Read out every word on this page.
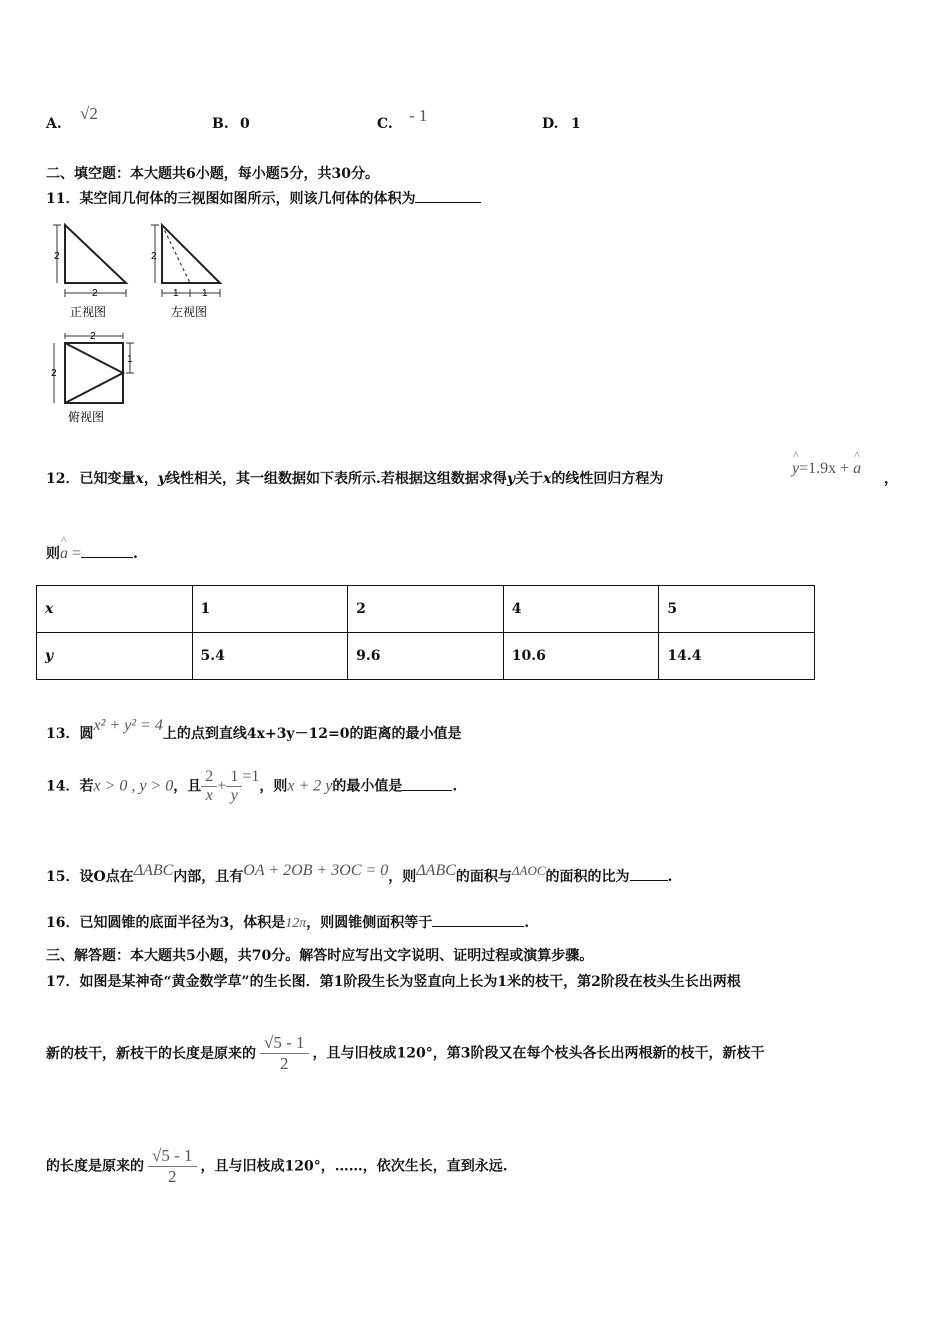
A.
√2
B. 0	C. - 1	D. 1
二、填空题：本大题共6小题，每小题5分，共30分。
11．某空间几何体的三视图如图所示，则该几何体的体积为
2
2
正视图
2
1 1
左视图
2
2
1
俯视图
12．已知变量x，y线性相关，其一组数据如下表所示.若根据这组数据求得y关于x的线性回归方程为
^ y=1.9x + ^ a
，
则^ a =	.
x	1	2	4	5
y	5.4	9.6	10.6	14.4
13．圆x² + y² = 4上的点到直线4x+3y－12=0的距离的最小值是
14．若x > 0 , y > 0，且 $\frac{2}{x} + \frac{1}{y} =1$，则x + 2 y的最小值是	.
15．设O点在ΔABC内部，且有OA + 2OB + 3OC = 0，则ΔABC的面积与ΔAOC的面积的比为	.
16．已知圆锥的底面半径为3，体积是12π，则圆锥侧面积等于	.
三、解答题：本大题共5小题，共70分。解答时应写出文字说明、证明过程或演算步骤。
17．如图是某神奇“黄金数学草”的生长图．第1阶段生长为竖直向上长为1米的枝干，第2阶段在枝头生长出两根
新的枝干，新枝干的长度是原来的 $\frac{√5 - 1}{2}$ ，且与旧枝成120°，第3阶段又在每个枝头各长出两根新的枝干，新枝干
的长度是原来的 $\frac{√5 - 1}{2}$ ，且与旧枝成120°，……，依次生长，直到永远.
